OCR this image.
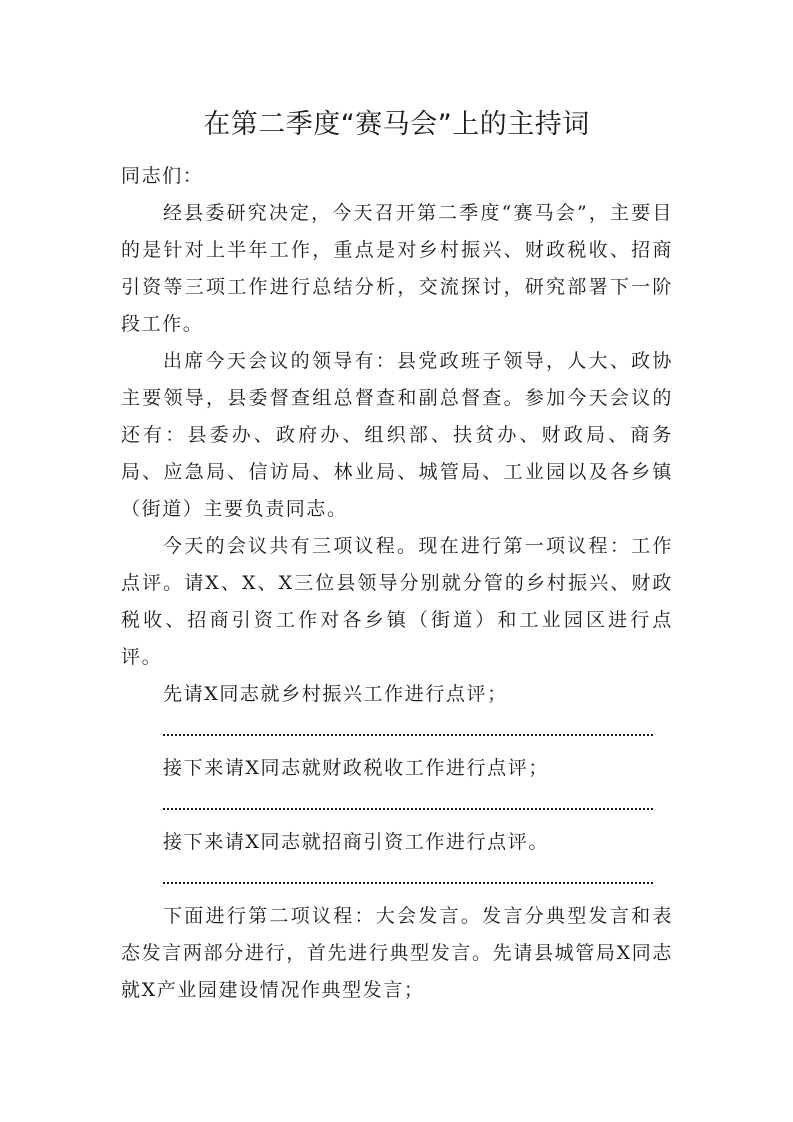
在第二季度“赛马会”上的主持词

同志们：

经县委研究决定，今天召开第二季度“赛马会”，主要目的是针对上半年工作，重点是对乡村振兴、财政税收、招商引资等三项工作进行总结分析，交流探讨，研究部署下一阶段工作。

出席今天会议的领导有：县党政班子领导，人大、政协主要领导，县委督查组总督查和副总督查。参加今天会议的还有：县委办、政府办、组织部、扶贫办、财政局、商务局、应急局、信访局、林业局、城管局、工业园以及各乡镇（街道）主要负责同志。

今天的会议共有三项议程。现在进行第一项议程：工作点评。请X、X、X三位县领导分别就分管的乡村振兴、财政税收、招商引资工作对各乡镇（街道）和工业园区进行点评。

先请X同志就乡村振兴工作进行点评；

接下来请X同志就财政税收工作进行点评；

接下来请X同志就招商引资工作进行点评。

下面进行第二项议程：大会发言。发言分典型发言和表态发言两部分进行，首先进行典型发言。先请县城管局X同志就X产业园建设情况作典型发言；
